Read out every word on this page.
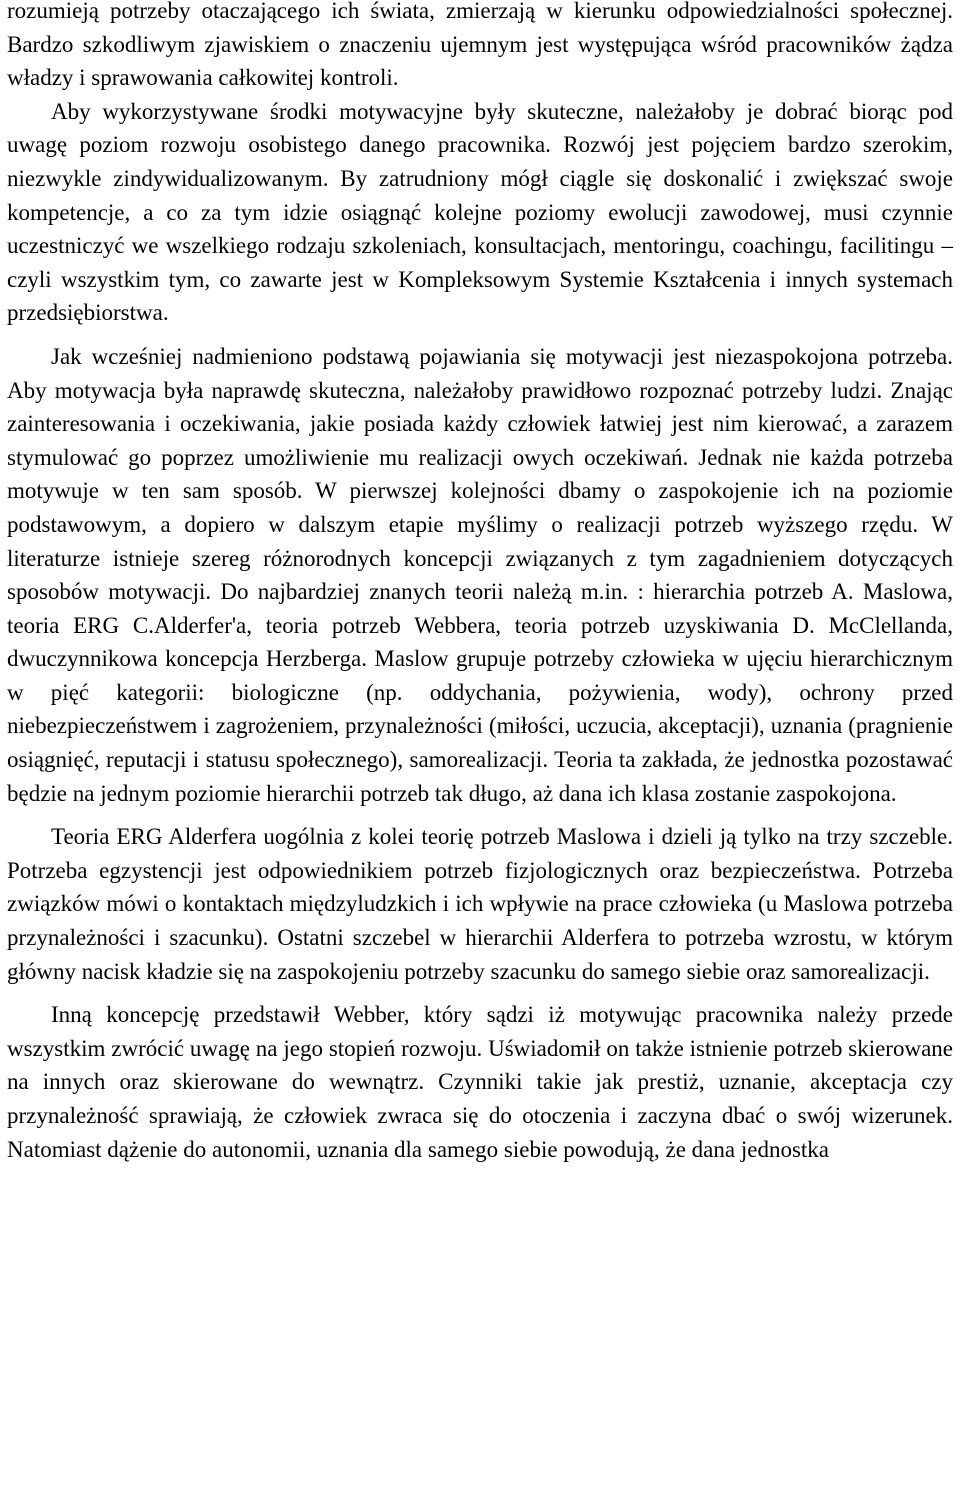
rozumieją potrzeby otaczającego ich świata, zmierzają w kierunku odpowiedzialności społecznej. Bardzo szkodliwym zjawiskiem o znaczeniu ujemnym jest występująca wśród pracowników żądza władzy i sprawowania całkowitej kontroli.

Aby wykorzystywane środki motywacyjne były skuteczne, należałoby je dobrać biorąc pod uwagę poziom rozwoju osobistego danego pracownika. Rozwój jest pojęciem bardzo szerokim, niezwykle zindywidualizowanym. By zatrudniony mógł ciągle się doskonalić i zwiększać swoje kompetencje, a co za tym idzie osiągnąć kolejne poziomy ewolucji zawodowej, musi czynnie uczestniczyć we wszelkiego rodzaju szkoleniach, konsultacjach, mentoringu, coachingu, facilitingu – czyli wszystkim tym, co zawarte jest w Kompleksowym Systemie Kształcenia i innych systemach przedsiębiorstwa.

Jak wcześniej nadmieniono podstawą pojawiania się motywacji jest niezaspokojona potrzeba. Aby motywacja była naprawdę skuteczna, należałoby prawidłowo rozpoznać potrzeby ludzi. Znając zainteresowania i oczekiwania, jakie posiada każdy człowiek łatwiej jest nim kierować, a zarazem stymulować go poprzez umożliwienie mu realizacji owych oczekiwań. Jednak nie każda potrzeba motywuje w ten sam sposób. W pierwszej kolejności dbamy o zaspokojenie ich na poziomie podstawowym, a dopiero w dalszym etapie myślimy o realizacji potrzeb wyższego rzędu. W literaturze istnieje szereg różnorodnych koncepcji związanych z tym zagadnieniem dotyczących sposobów motywacji. Do najbardziej znanych teorii należą m.in. : hierarchia potrzeb A. Maslowa, teoria ERG C.Alderfer'a, teoria potrzeb Webbera, teoria potrzeb uzyskiwania D. McClellanda, dwuczynnikowa koncepcja Herzberga. Maslow grupuje potrzeby człowieka w ujęciu hierarchicznym w pięć kategorii: biologiczne (np. oddychania, pożywienia, wody), ochrony przed niebezpieczeństwem i zagrożeniem, przynależności (miłości, uczucia, akceptacji), uznania (pragnienie osiągnięć, reputacji i statusu społecznego), samorealizacji. Teoria ta zakłada, że jednostka pozostawać będzie na jednym poziomie hierarchii potrzeb tak długo, aż dana ich klasa zostanie zaspokojona.

Teoria ERG Alderfera uogólnia z kolei teorię potrzeb Maslowa i dzieli ją tylko na trzy szczeble. Potrzeba egzystencji jest odpowiednikiem potrzeb fizjologicznych oraz bezpieczeństwa. Potrzeba związków mówi o kontaktach międzyludzkich i ich wpływie na prace człowieka (u Maslowa potrzeba przynależności i szacunku). Ostatni szczebel w hierarchii Alderfera to potrzeba wzrostu, w którym główny nacisk kładzie się na zaspokojeniu potrzeby szacunku do samego siebie oraz samorealizacji.

Inną koncepcję przedstawił Webber, który sądzi iż motywując pracownika należy przede wszystkim zwrócić uwagę na jego stopień rozwoju. Uświadomił on także istnienie potrzeb skierowane na innych oraz skierowane do wewnątrz. Czynniki takie jak prestiż, uznanie, akceptacja czy przynależność sprawiają, że człowiek zwraca się do otoczenia i zaczyna dbać o swój wizerunek. Natomiast dążenie do autonomii, uznania dla samego siebie powodują, że dana jednostka
